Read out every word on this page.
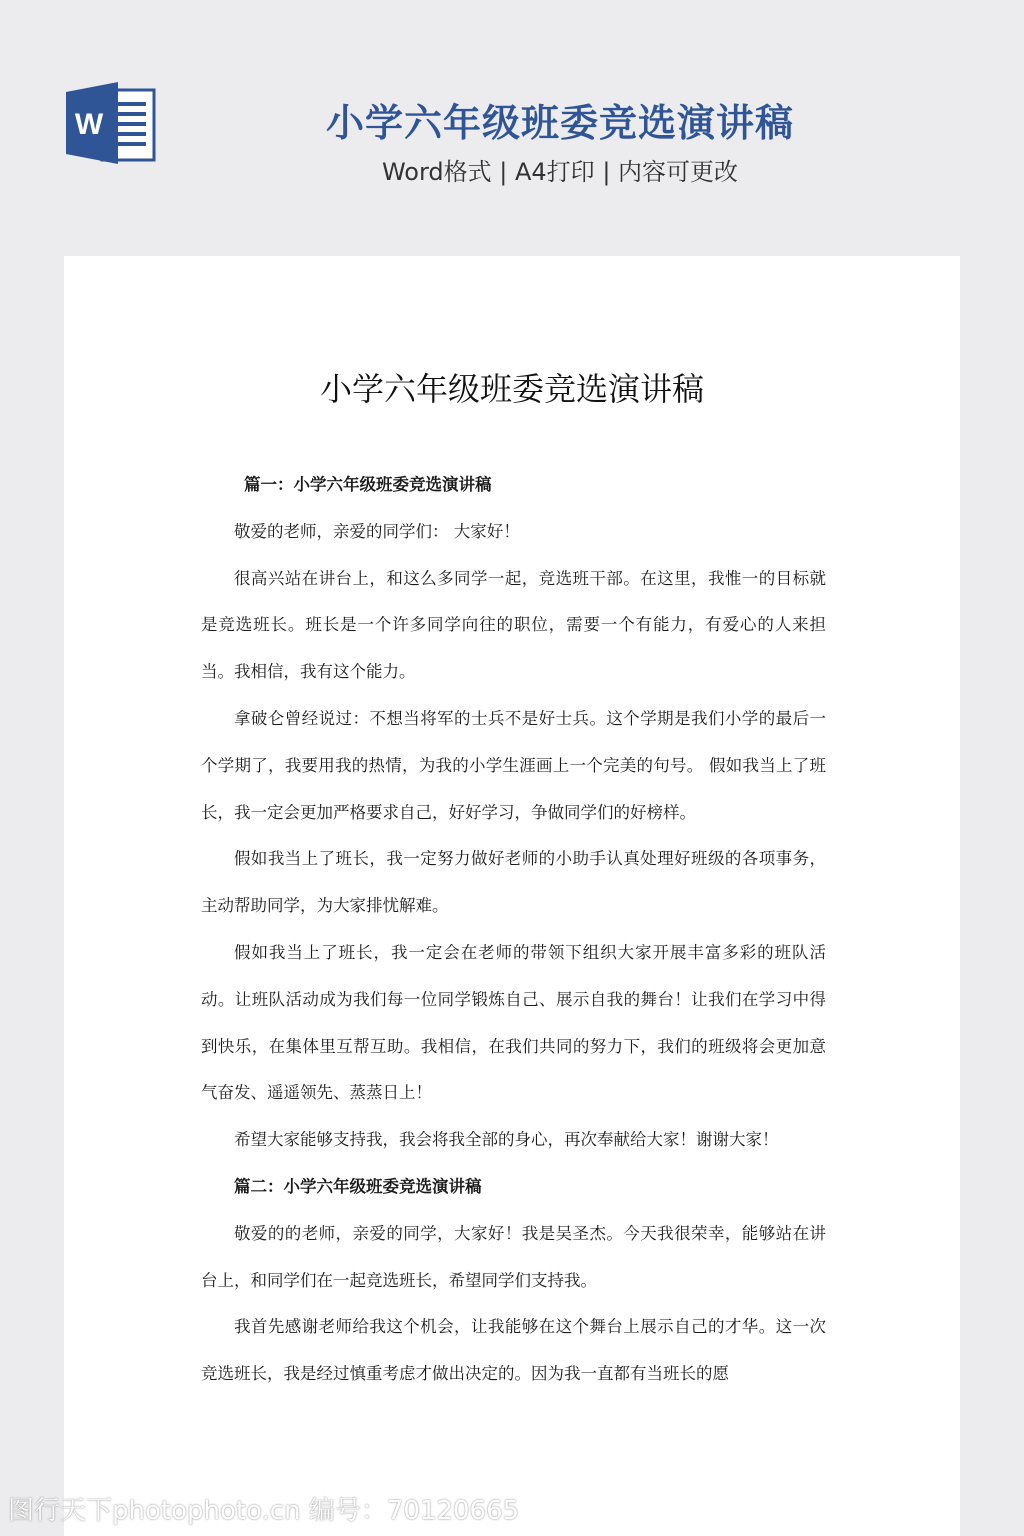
W	小学六年级班委竞选演讲稿
Word格式 | A4打印 | 内容可更改
小学六年级班委竞选演讲稿

篇一：小学六年级班委竞选演讲稿

敬爱的老师，亲爱的同学们： 大家好！

很高兴站在讲台上，和这么多同学一起，竞选班干部。在这里，我惟一的目标就是竞选班长。班长是一个许多同学向往的职位，需要一个有能力，有爱心的人来担当。我相信，我有这个能力。

拿破仑曾经说过：不想当将军的士兵不是好士兵。这个学期是我们小学的最后一个学期了，我要用我的热情，为我的小学生涯画上一个完美的句号。 假如我当上了班长，我一定会更加严格要求自己，好好学习，争做同学们的好榜样。

假如我当上了班长，我一定努力做好老师的小助手认真处理好班级的各项事务，主动帮助同学，为大家排忧解难。

假如我当上了班长，我一定会在老师的带领下组织大家开展丰富多彩的班队活动。让班队活动成为我们每一位同学锻炼自己、展示自我的舞台！让我们在学习中得到快乐，在集体里互帮互助。我相信，在我们共同的努力下，我们的班级将会更加意气奋发、遥遥领先、蒸蒸日上！

希望大家能够支持我，我会将我全部的身心，再次奉献给大家！谢谢大家！

篇二：小学六年级班委竞选演讲稿

敬爱的的老师，亲爱的同学，大家好！我是吴圣杰。今天我很荣幸，能够站在讲台上，和同学们在一起竞选班长，希望同学们支持我。

我首先感谢老师给我这个机会，让我能够在这个舞台上展示自己的才华。这一次竞选班长，我是经过慎重考虑才做出决定的。因为我一直都有当班长的愿

图行天下photophoto.cn 编号：70120665
